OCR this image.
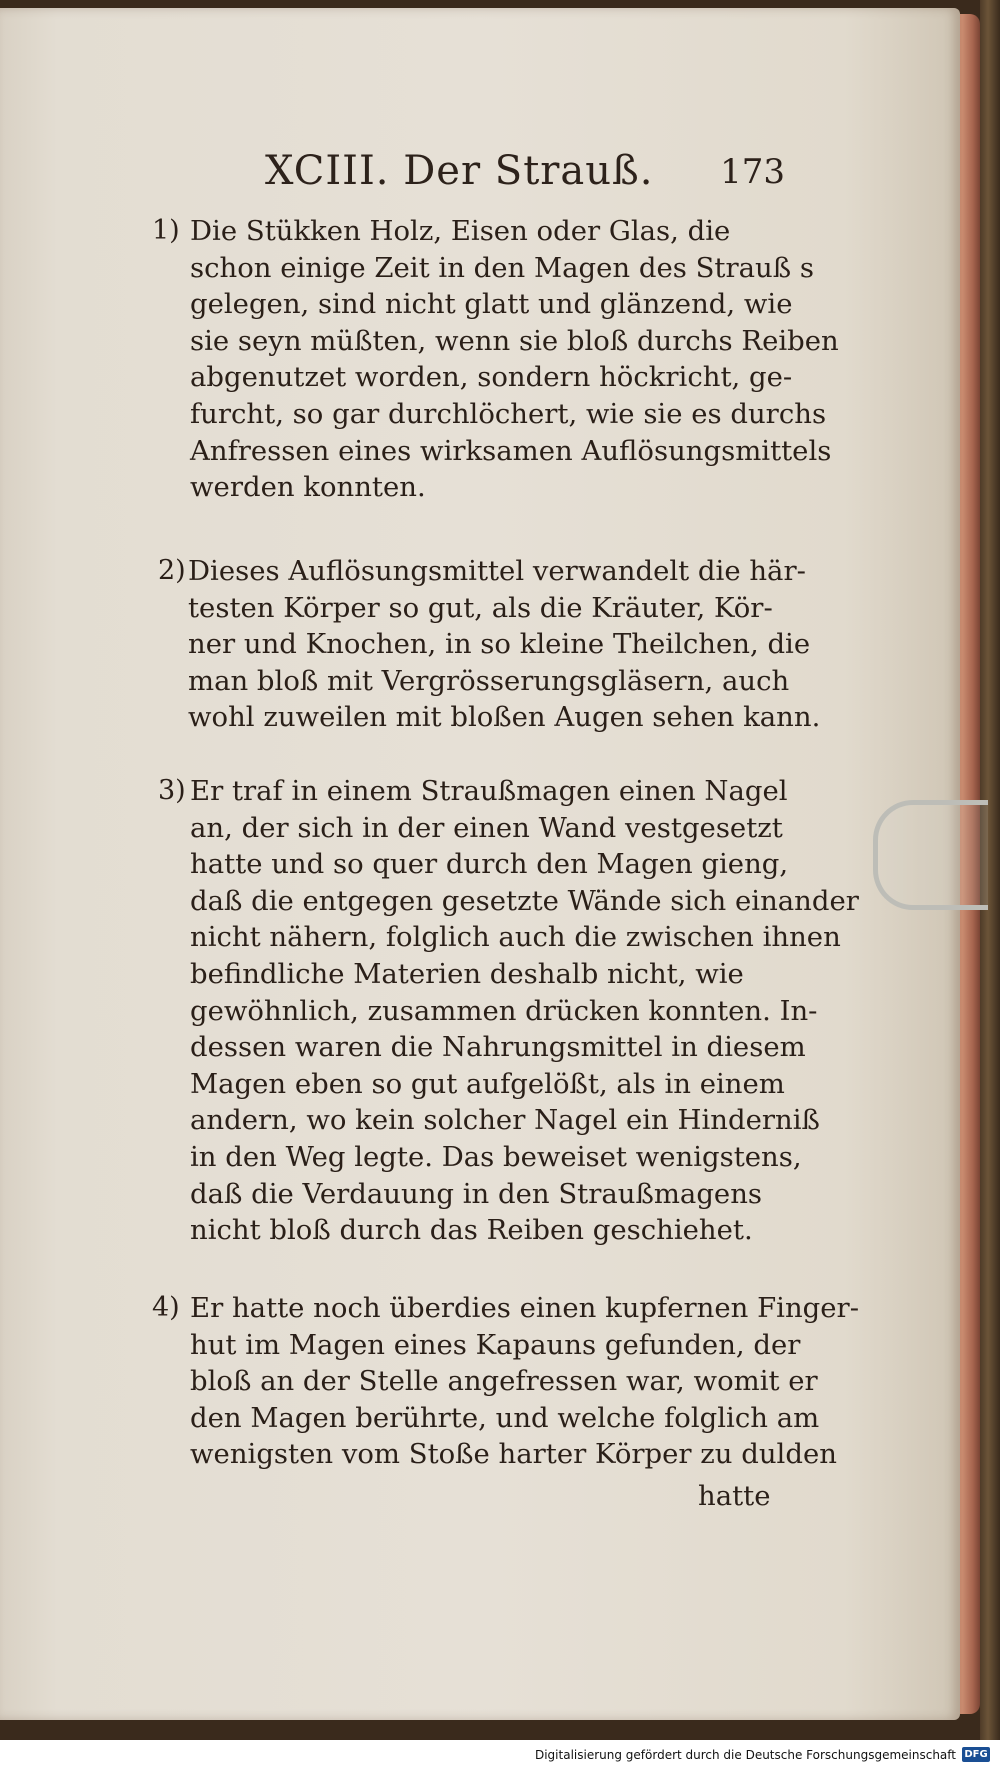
XCIII. Der Strauß. 173
1) Die Stükken Holz, Eisen oder Glas, die
schon einige Zeit in den Magen des Strauß s
gelegen, sind nicht glatt und glänzend, wie
sie seyn müßten, wenn sie bloß durchs Reiben
abgenutzet worden, sondern höckricht, ge-
furcht, so gar durchlöchert, wie sie es durchs
Anfressen eines wirksamen Auflösungsmittels
werden konnten.
2) Dieses Auflösungsmittel verwandelt die här-
testen Körper so gut, als die Kräuter, Kör-
ner und Knochen, in so kleine Theilchen, die
man bloß mit Vergrösserungsgläsern, auch
wohl zuweilen mit bloßen Augen sehen kann.
3) Er traf in einem Straußmagen einen Nagel
an, der sich in der einen Wand vestgesetzt
hatte und so quer durch den Magen gieng,
daß die entgegen gesetzte Wände sich einander
nicht nähern, folglich auch die zwischen ihnen
befindliche Materien deshalb nicht, wie
gewöhnlich, zusammen drücken konnten. In-
dessen waren die Nahrungsmittel in diesem
Magen eben so gut aufgelößt, als in einem
andern, wo kein solcher Nagel ein Hinderniß
in den Weg legte. Das beweiset wenigstens,
daß die Verdauung in den Straußmagens
nicht bloß durch das Reiben geschiehet.
4) Er hatte noch überdies einen kupfernen Finger-
hut im Magen eines Kapauns gefunden, der
bloß an der Stelle angefressen war, womit er
den Magen berührte, und welche folglich am
wenigsten vom Stoße harter Körper zu dulden
hatte
Digitalisierung gefördert durch die Deutsche Forschungsgemeinschaft DFG
